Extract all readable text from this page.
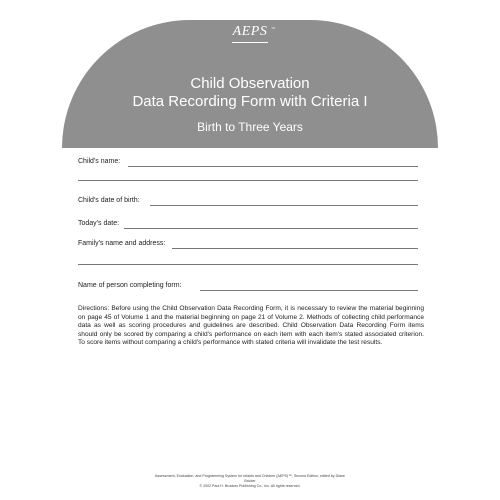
AEPS ™
Child Observation
Data Recording Form with Criteria I
Birth to Three Years
Child's name:
Child's date of birth:
Today's date:
Family's name and address:
Name of person completing form:
Directions: Before using the Child Observation Data Recording Form, it is necessary to review the material beginning on page 45 of Volume 1 and the material beginning on page 21 of Volume 2. Methods of collecting child performance data as well as scoring procedures and guidelines are described. Child Observation Data Recording Form items should only be scored by comparing a child's performance on each item with each item's stated associated criterion. To score items without comparing a child's performance with stated criteria will invalidate the test results.
Assessment, Evaluation, and Programming System for Infants and Children (AEPS)™, Second Edition, edited by Diane Bricker
© 2002 Paul H. Brookes Publishing Co., Inc. All rights reserved.
